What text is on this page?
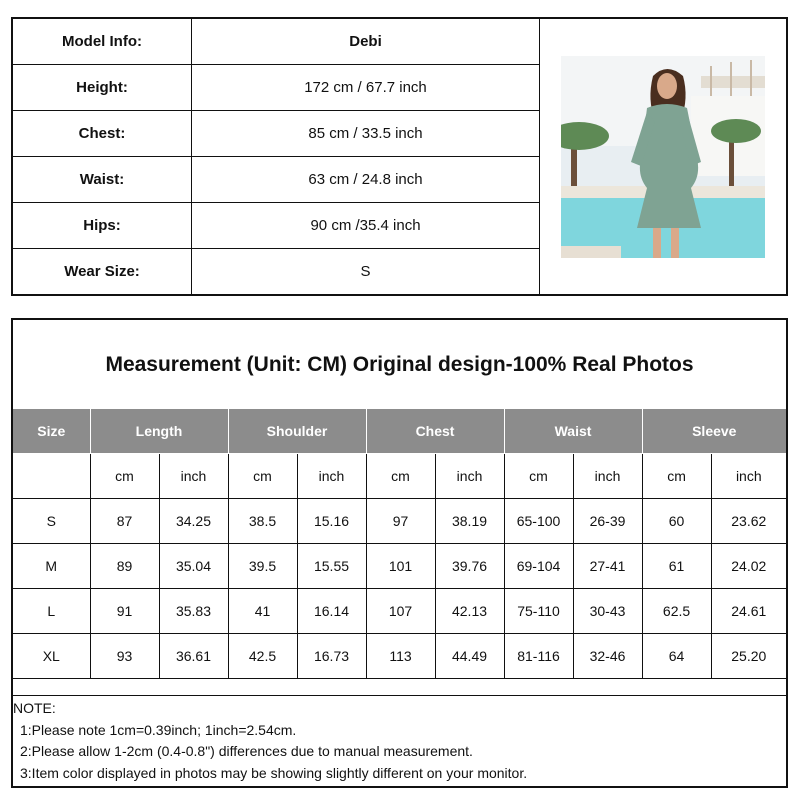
Model Info:	Debi
Height:	172 cm / 67.7 inch
Chest:	85 cm / 33.5 inch
Waist:	63 cm / 24.8 inch
Hips:	90 cm /35.4 inch
Wear Size:	S
Measurement (Unit: CM) Original design-100% Real Photos
Size	Length		Shoulder		Chest		Waist		Sleeve	
	cm	inch	cm	inch	cm	inch	cm	inch	cm	inch
S	87	34.25	38.5	15.16	97	38.19	65-100	26-39	60	23.62
M	89	35.04	39.5	15.55	101	39.76	69-104	27-41	61	24.02
L	91	35.83	41	16.14	107	42.13	75-110	30-43	62.5	24.61
XL	93	36.61	42.5	16.73	113	44.49	81-116	32-46	64	25.20
NOTE:
1:Please note 1cm=0.39inch; 1inch=2.54cm.
2:Please allow 1-2cm (0.4-0.8") differences due to manual measurement.
3:Item color displayed in photos may be showing slightly different on your monitor.
